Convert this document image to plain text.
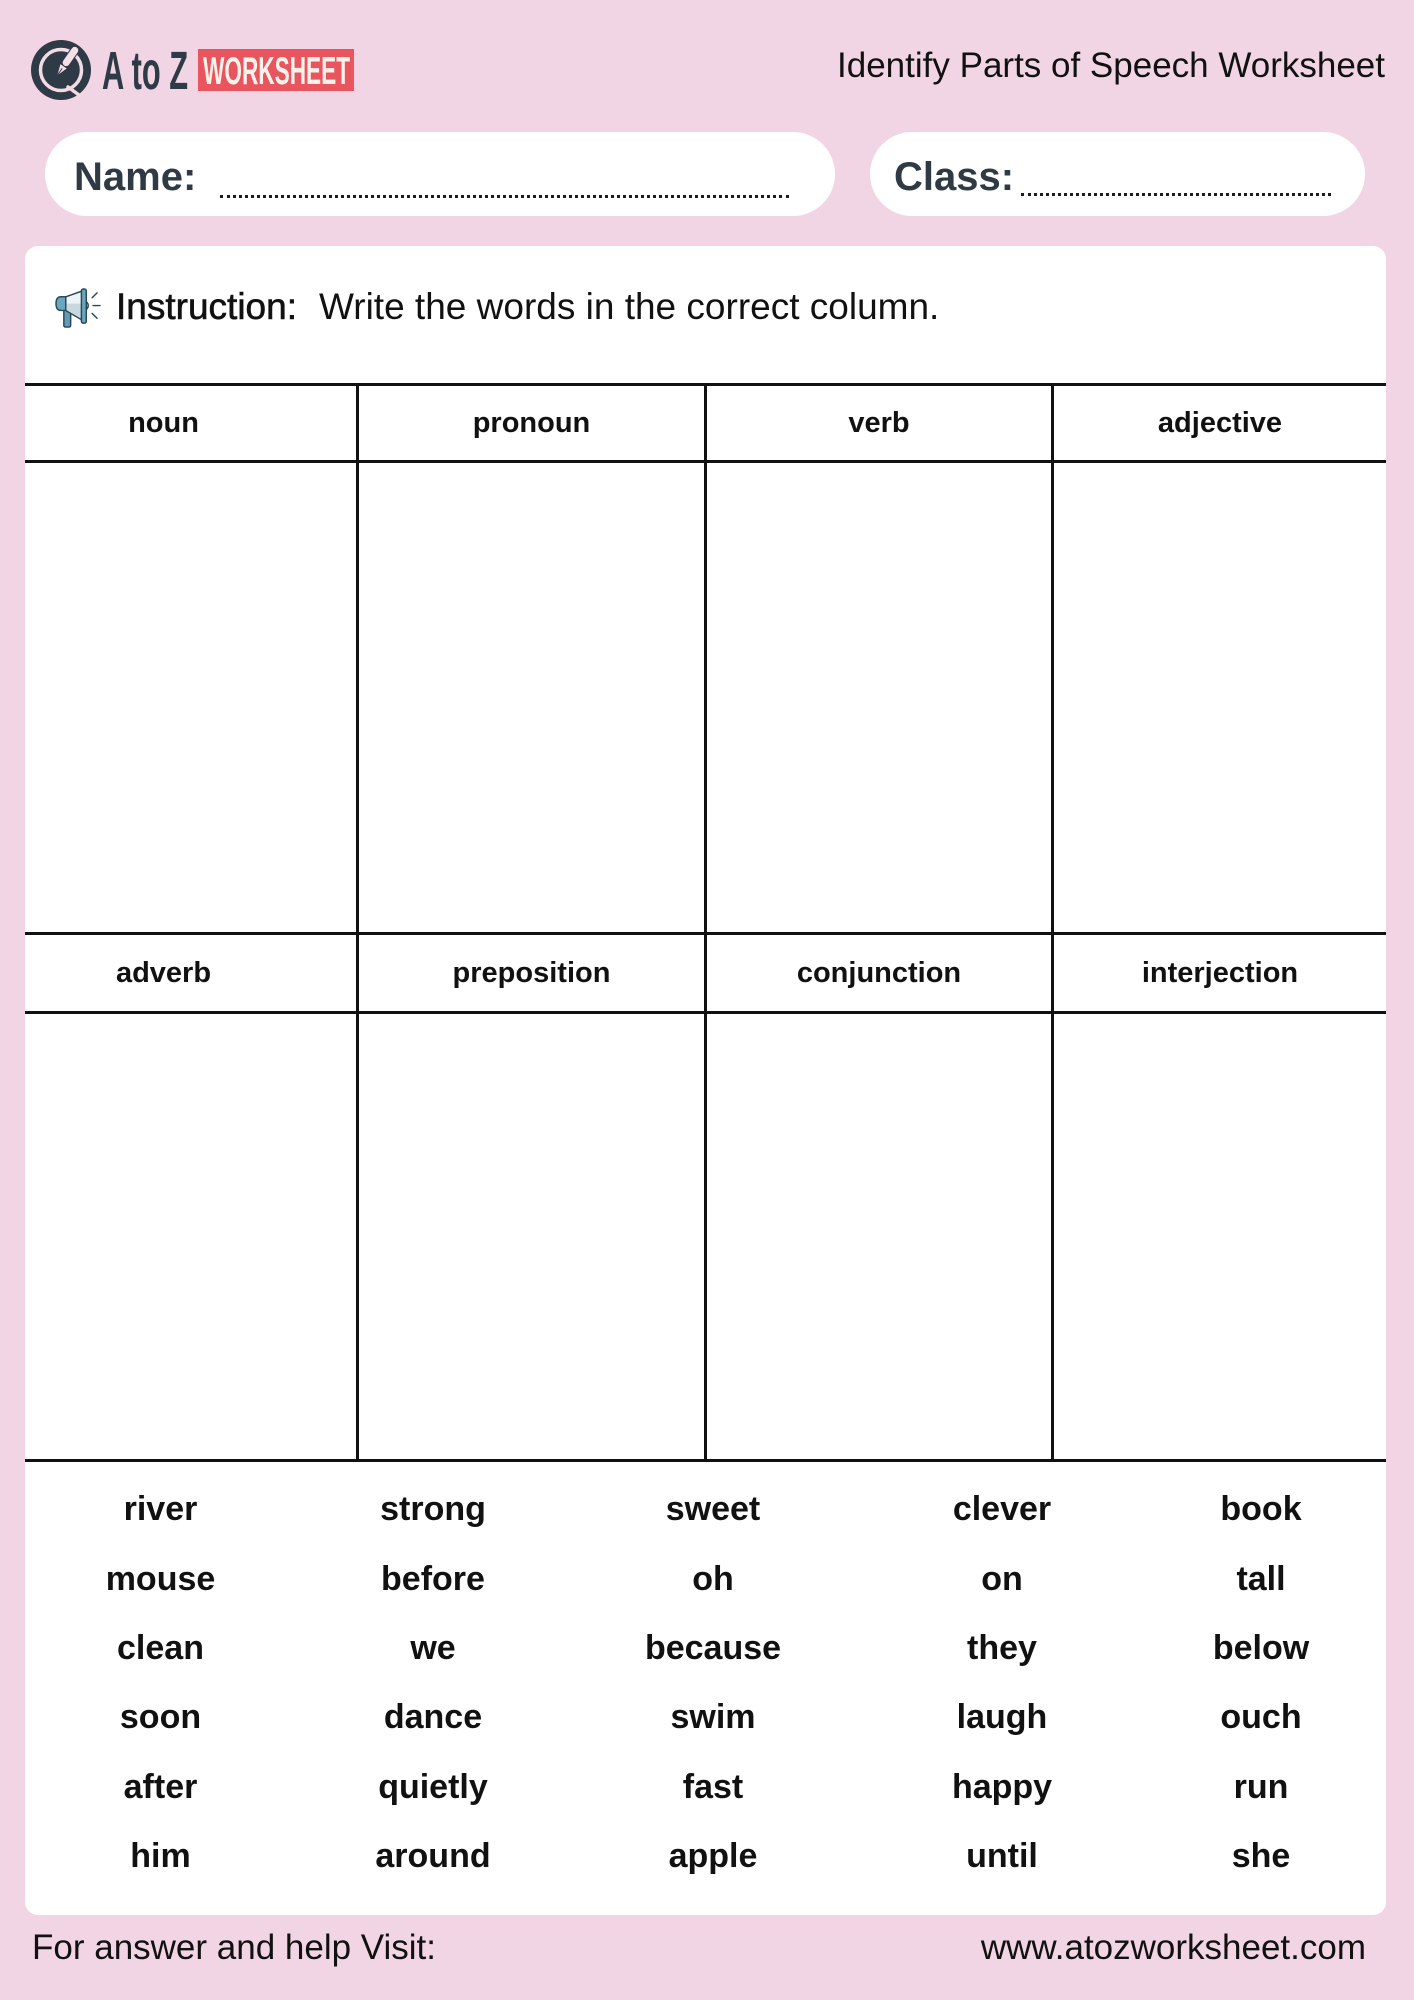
A to Z WORKSHEET	Identify Parts of Speech Worksheet
Name:	Class:
Instruction: Write the words in the correct column.
noun	pronoun	verb	adjective
adverb	preposition	conjunction	interjection
river	strong	sweet	clever	book
mouse	before	oh	on	tall
clean	we	because	they	below
soon	dance	swim	laugh	ouch
after	quietly	fast	happy	run
him	around	apple	until	she
For answer and help Visit:	www.atozworksheet.com
